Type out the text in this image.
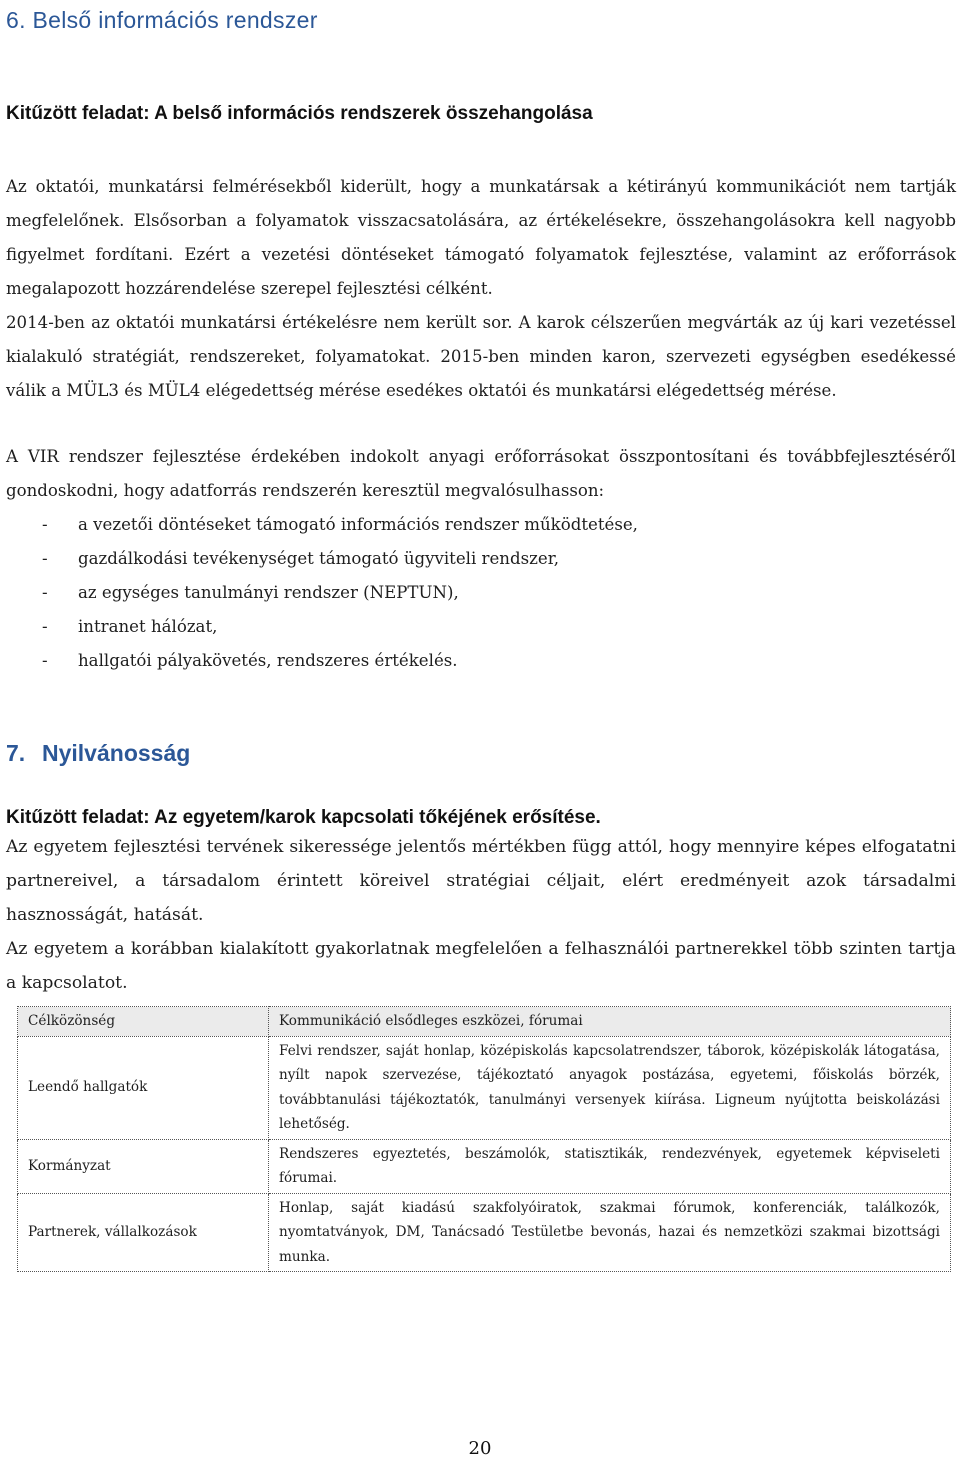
6. Belső információs rendszer
Kitűzött feladat: A belső információs rendszerek összehangolása

Az oktatói, munkatársi felmérésekből kiderült, hogy a munkatársak a kétirányú kommunikációt nem tartják megfelelőnek. Elsősorban a folyamatok visszacsatolására, az értékelésekre, összehangolásokra kell nagyobb figyelmet fordítani. Ezért a vezetési döntéseket támogató folyamatok fejlesztése, valamint az erőforrások megalapozott hozzárendelése szerepel fejlesztési célként.

2014-ben az oktatói munkatársi értékelésre nem került sor. A karok célszerűen megvárták az új kari vezetéssel kialakuló stratégiát, rendszereket, folyamatokat. 2015-ben minden karon, szervezeti egységben esedékessé válik a MÜL3 és MÜL4 elégedettség mérése esedékes oktatói és munkatársi elégedettség mérése.

A VIR rendszer fejlesztése érdekében indokolt anyagi erőforrásokat összpontosítani és továbbfejlesztéséről gondoskodni, hogy adatforrás rendszerén keresztül megvalósulhasson:

- a vezetői döntéseket támogató információs rendszer működtetése,
- gazdálkodási tevékenységet támogató ügyviteli rendszer,
- az egységes tanulmányi rendszer (NEPTUN),
- intranet hálózat,
- hallgatói pályakövetés, rendszeres értékelés.
7. Nyilvánosság
Kitűzött feladat: Az egyetem/karok kapcsolati tőkéjének erősítése.

Az egyetem fejlesztési tervének sikeressége jelentős mértékben függ attól, hogy mennyire képes elfogatatni partnereivel, a társadalom érintett köreivel stratégiai céljait, elért eredményeit azok társadalmi hasznosságát, hatását.

Az egyetem a korábban kialakított gyakorlatnak megfelelően a felhasználói partnerekkel több szinten tartja a kapcsolatot.

Célközönség	Kommunikáció elsődleges eszközei, fórumai
Leendő hallgatók	Felvi rendszer, saját honlap, középiskolás kapcsolatrendszer, táborok, középiskolák látogatása, nyílt napok szervezése, tájékoztató anyagok postázása, egyetemi, főiskolás börzék, továbbtanulási tájékoztatók, tanulmányi versenyek kiírása. Ligneum nyújtotta beiskolázási lehetőség.
Kormányzat	Rendszeres egyeztetés, beszámolók, statisztikák, rendezvények, egyetemek képviseleti fórumai.
Partnerek, vállalkozások	Honlap, saját kiadású szakfolyóiratok, szakmai fórumok, konferenciák, találkozók, nyomtatványok, DM, Tanácsadó Testületbe bevonás, hazai és nemzetközi szakmai bizottsági munka.
20
